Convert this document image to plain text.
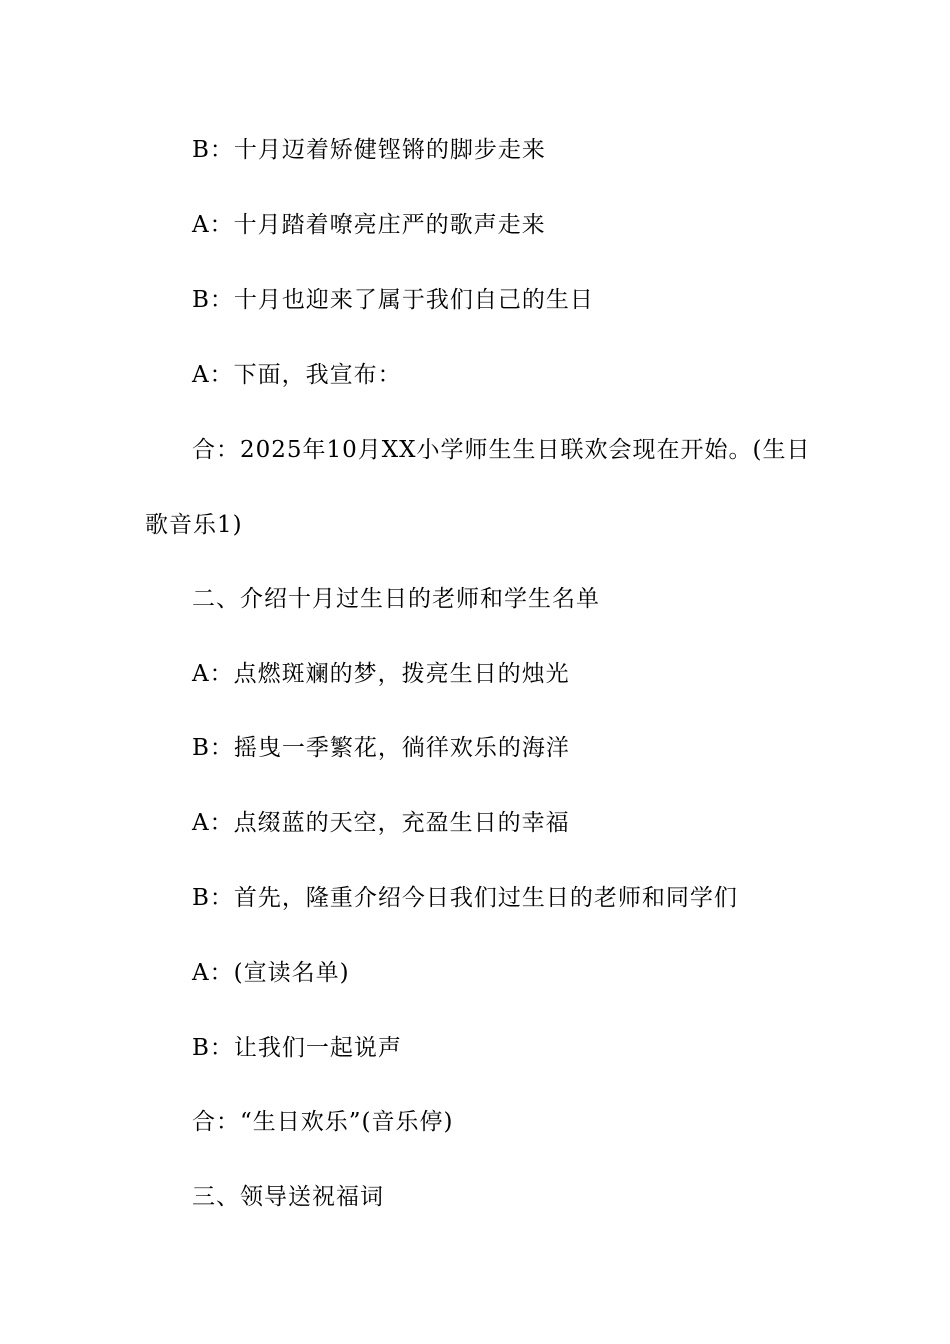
B：十月迈着矫健铿锵的脚步走来
A：十月踏着嘹亮庄严的歌声走来
B：十月也迎来了属于我们自己的生日
A：下面，我宣布：
合：2025年10月XX小学师生生日联欢会现在开始。(生日
歌音乐1)
二、介绍十月过生日的老师和学生名单
A：点燃斑斓的梦，拨亮生日的烛光
B：摇曳一季繁花，徜徉欢乐的海洋
A：点缀蓝的天空，充盈生日的幸福
B：首先，隆重介绍今日我们过生日的老师和同学们
A：(宣读名单)
B：让我们一起说声
合：“生日欢乐”(音乐停)
三、领导送祝福词
